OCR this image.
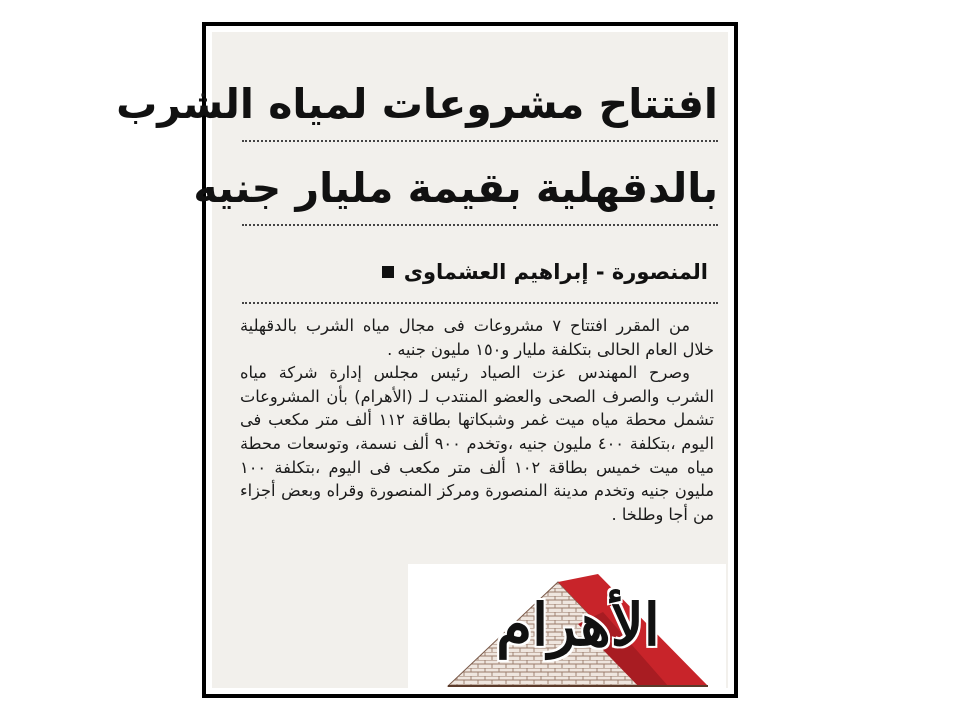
افتتاح مشروعات لمياه الشرب
بالدقهلية بقيمة مليار جنيه
المنصورة - إبراهيم العشماوى

من المقرر افتتاح ٧ مشروعات فى مجال مياه الشرب بالدقهلية خلال العام الحالى بتكلفة مليار و١٥٠ مليون جنيه .

وصرح المهندس عزت الصياد رئيس مجلس إدارة شركة مياه الشرب والصرف الصحى والعضو المنتدب لـ (الأهرام) بأن المشروعات تشمل محطة مياه ميت غمر وشبكاتها بطاقة ١١٢ ألف متر مكعب فى اليوم ،بتكلفة ٤٠٠ مليون جنيه ،وتخدم ٩٠٠ ألف نسمة، وتوسعات محطة مياه ميت خميس بطاقة ١٠٢ ألف متر مكعب فى اليوم ،بتكلفة ١٠٠ مليون جنيه وتخدم مدينة المنصورة ومركز المنصورة وقراه وبعض أجزاء من أجا وطلخا .

الأهرام
